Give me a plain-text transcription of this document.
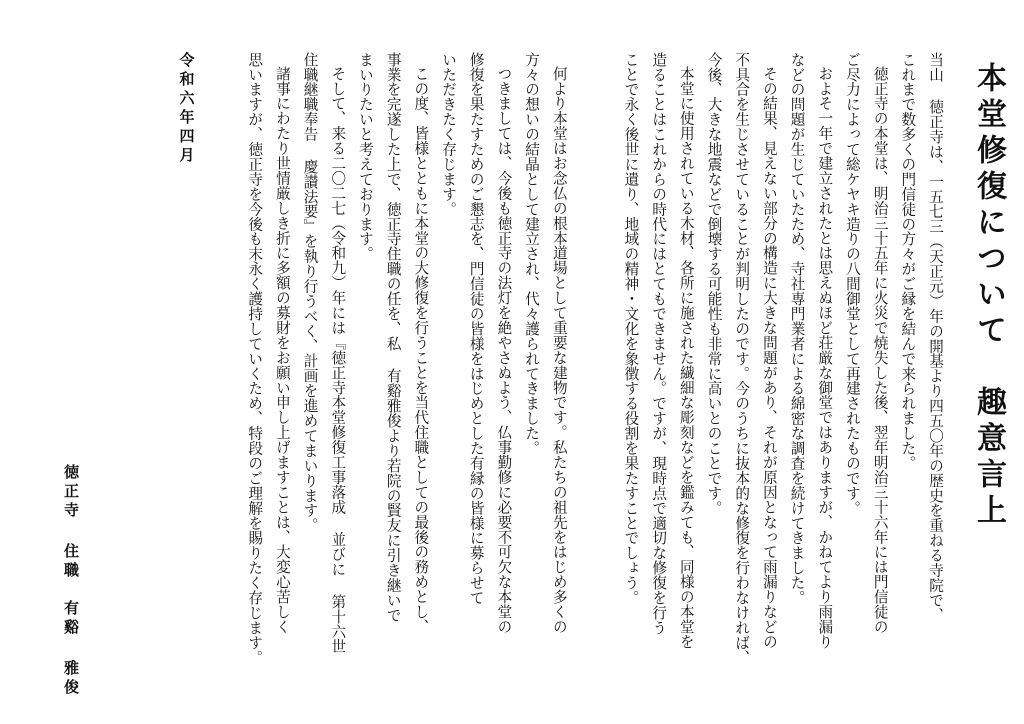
本堂修復について　趣意言上
当山 徳正寺は、一五七三（天正元）年の開基より四五〇年の歴史を重ねる寺院で、
これまで数多くの門信徒の方々がご縁を結んで来られました。
徳正寺の本堂は、明治三十五年に火災で焼失した後、翌年明治三十六年には門信徒の
ご尽力によって総ケヤキ造りの八間御堂として再建されたものです。
およそ一年で建立されたとは思えぬほど荘厳な御堂ではありますが、かねてより雨漏り
などの問題が生じていたため、寺社専門業者による綿密な調査を続けてきました。
その結果、見えない部分の構造に大きな問題があり、それが原因となって雨漏りなどの
不具合を生じさせていることが判明したのです。今のうちに抜本的な修復を行わなければ、
今後、大きな地震などで倒壊する可能性も非常に高いとのことです。
本堂に使用されている木材、各所に施された繊細な彫刻などを鑑みても、同様の本堂を
造ることはこれからの時代にはとてもできません。ですが、現時点で適切な修復を行う
ことで永く後世に遺り、地域の精神・文化を象徴する役割を果たすことでしょう。
何より本堂はお念仏の根本道場として重要な建物です。私たちの祖先をはじめ多くの
方々の想いの結晶として建立され、代々護られてきました。
つきましては、今後も徳正寺の法灯を絶やさぬよう、仏事勤修に必要不可欠な本堂の
修復を果たすためのご懇志を、門信徒の皆様をはじめとした有縁の皆様に募らせて
いただきたく存じます。
この度、皆様とともに本堂の大修復を行うことを当代住職としての最後の務めとし、
事業を完遂した上で、徳正寺住職の任を、私 有谿雅俊より若院の賢友に引き継いで
まいりたいと考えております。
そして、来る二〇二七（令和九）年には『徳正寺本堂修復工事落成 並びに 第十六世
住職継職奉告 慶讃法要』を執り行うべく、計画を進めてまいります。
諸事にわたり世情厳しき折に多額の募財をお願い申し上げますことは、大変心苦しく
思いますが、徳正寺を今後も末永く護持していくため、特段のご理解を賜りたく存じます。
令和六年四月
徳正寺 住職　有谿 雅俊
